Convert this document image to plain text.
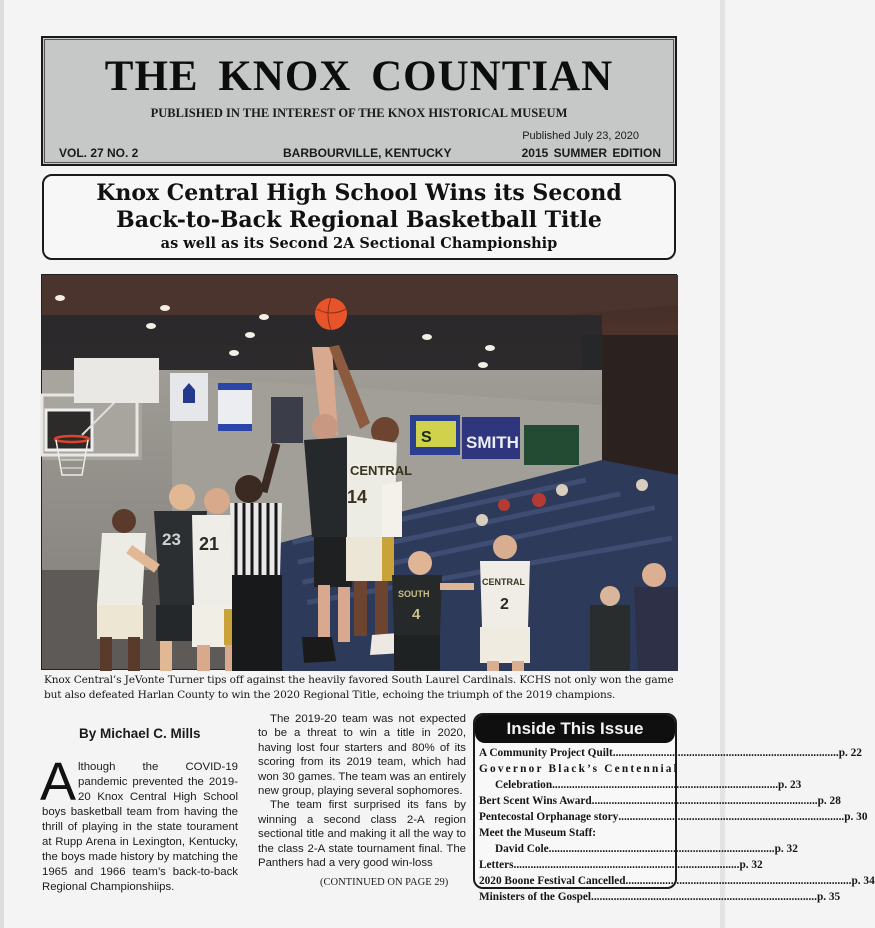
THE KNOX COUNTIAN
PUBLISHED IN THE INTEREST OF THE KNOX HISTORICAL MUSEUM
Published July 23, 2020
VOL. 27 NO. 2	BARBOURVILLE, KENTUCKY	2015 SUMMER EDITION
Knox Central High School Wins its Second
Back-to-Back Regional Basketball Title
as well as its Second 2A Sectional Championship
S SMITH
CENTRAL
14
23 21
SOUTH
4
CENTRAL
2
Knox Central’s JeVonte Turner tips off against the heavily favored South Laurel Cardinals. KCHS not only won the game but also defeated Harlan County to win the 2020 Regional Title, echoing the triumph of the 2019 champions.
By Michael C. Mills
A lthough the COVID-19 pandemic prevented the 2019-20 Knox Central High School boys basketball team from having the thrill of playing in the state tourament at Rupp Arena in Lexington, Kentucky, the boys made history by matching the 1965 and 1966 team’s back-to-back Regional Championshiips.

The 2019-20 team was not expected to be a threat to win a title in 2020, having lost four starters and 80% of its scoring from its 2019 team, which had won 30 games. The team was an entirely new group, playing several sophomores.

The team first surprised its fans by winning a second class 2-A region sectional title and making it all the way to the class 2-A state tournament final. The Panthers had a very good win-loss

(CONTINUED ON PAGE 29)
Inside This Issue
A Community Project Quilt .....	p. 22
Governor Black’s Centennial
Celebration .....	p. 23
Bert Scent Wins Award .....	p. 28
Pentecostal Orphanage story .....	p. 30
Meet the Museum Staff:
David Cole .....	p. 32
Letters .....	p. 32
2020 Boone Festival Cancelled .....	p. 34
Ministers of the Gospel .....	p. 35
